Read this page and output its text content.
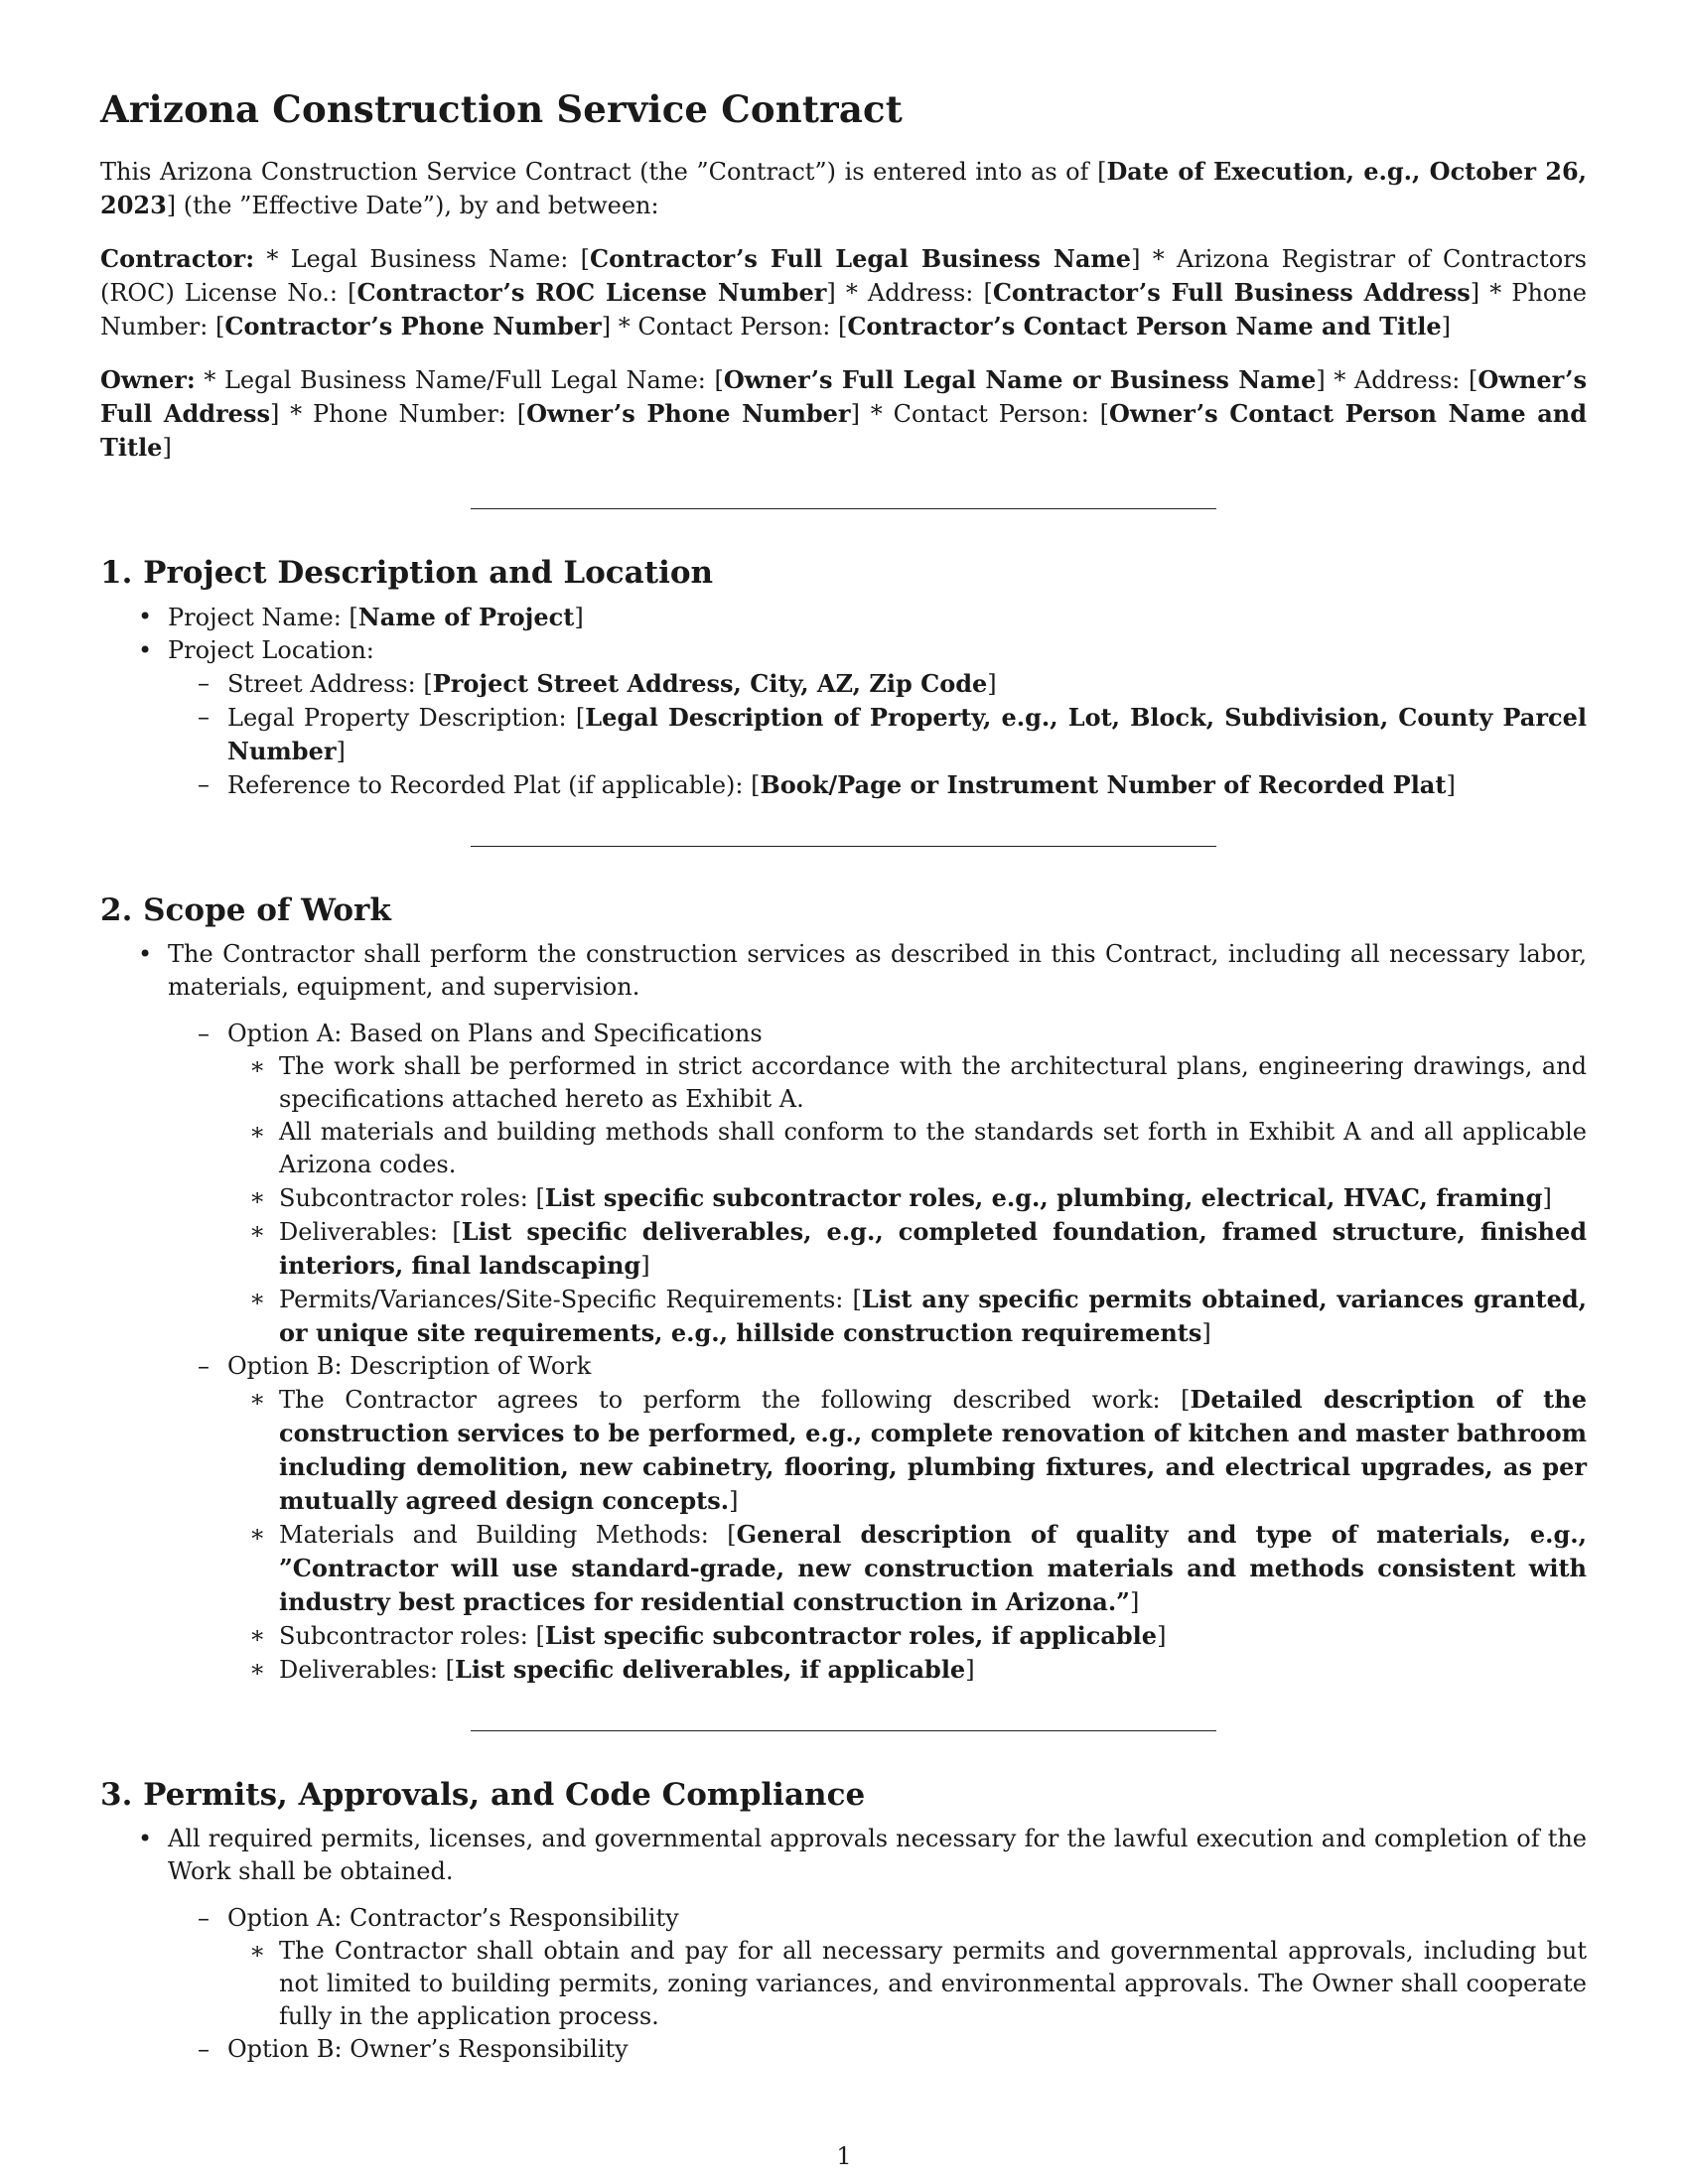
Arizona Construction Service Contract

This Arizona Construction Service Contract (the ”Contract”) is entered into as of [Date of Execution, e.g., October 26, 2023] (the ”Effective Date”), by and between:

Contractor: * Legal Business Name: [Contractor’s Full Legal Business Name] * Arizona Registrar of Contractors (ROC) License No.: [Contractor’s ROC License Number] * Address: [Contractor’s Full Business Address] * Phone Number: [Contractor’s Phone Number] * Contact Person: [Contractor’s Contact Person Name and Title]

Owner: * Legal Business Name/Full Legal Name: [Owner’s Full Legal Name or Business Name] * Address: [Owner’s Full Address] * Phone Number: [Owner’s Phone Number] * Contact Person: [Owner’s Contact Person Name and Title]

1. Project Description and Location
• Project Name: [Name of Project]
• Project Location:
– Street Address: [Project Street Address, City, AZ, Zip Code]
– Legal Property Description: [Legal Description of Property, e.g., Lot, Block, Subdivision, County Parcel Number]
– Reference to Recorded Plat (if applicable): [Book/Page or Instrument Number of Recorded Plat]
2. Scope of Work
• The Contractor shall perform the construction services as described in this Contract, including all necessary labor, materials, equipment, and supervision.
– Option A: Based on Plans and Specifications
∗ The work shall be performed in strict accordance with the architectural plans, engineering drawings, and specifications attached hereto as Exhibit A.
∗ All materials and building methods shall conform to the standards set forth in Exhibit A and all applicable Arizona codes.
∗ Subcontractor roles: [List specific subcontractor roles, e.g., plumbing, electrical, HVAC, framing]
∗ Deliverables: [List specific deliverables, e.g., completed foundation, framed structure, finished interiors, final landscaping]
∗ Permits/Variances/Site-Specific Requirements: [List any specific permits obtained, variances granted, or unique site requirements, e.g., hillside construction requirements]
– Option B: Description of Work
∗ The Contractor agrees to perform the following described work: [Detailed description of the construction services to be performed, e.g., complete renovation of kitchen and master bathroom including demolition, new cabinetry, flooring, plumbing fixtures, and electrical upgrades, as per mutually agreed design concepts.]
∗ Materials and Building Methods: [General description of quality and type of materials, e.g., ”Contractor will use standard-grade, new construction materials and methods consistent with industry best practices for residential construction in Arizona.”]
∗ Subcontractor roles: [List specific subcontractor roles, if applicable]
∗ Deliverables: [List specific deliverables, if applicable]
3. Permits, Approvals, and Code Compliance
• All required permits, licenses, and governmental approvals necessary for the lawful execution and completion of the Work shall be obtained.
– Option A: Contractor’s Responsibility
∗ The Contractor shall obtain and pay for all necessary permits and governmental approvals, including but not limited to building permits, zoning variances, and environmental approvals. The Owner shall cooperate fully in the application process.
– Option B: Owner’s Responsibility
1
